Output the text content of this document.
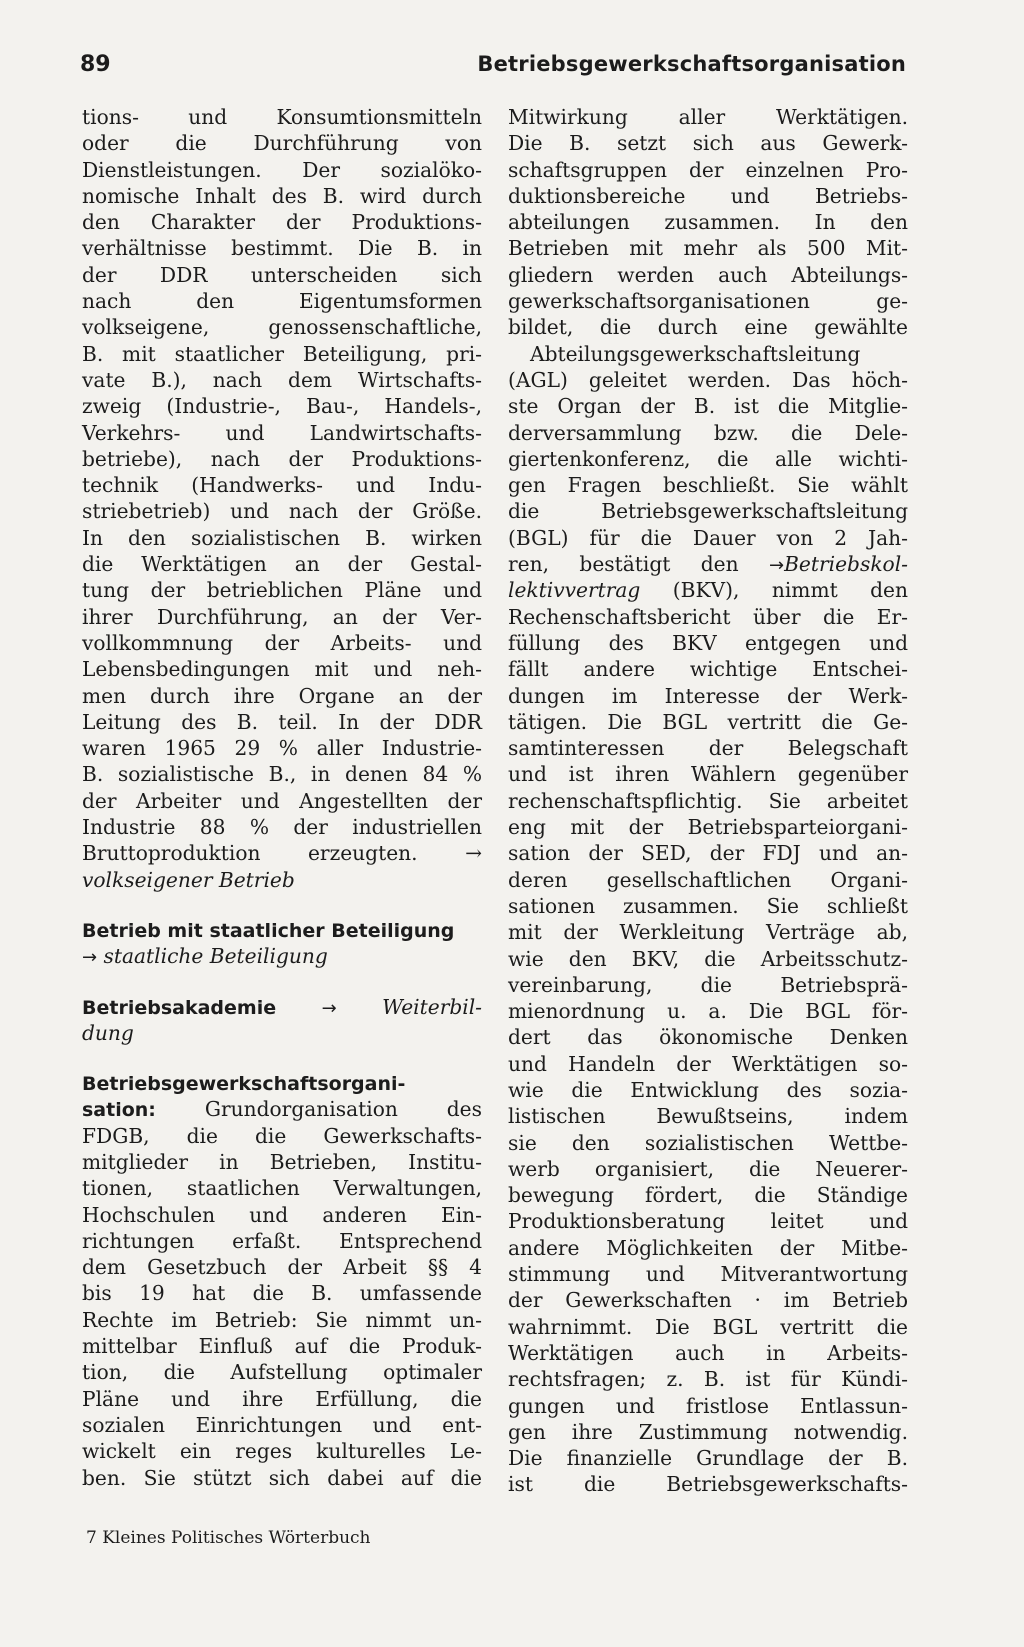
89	Betriebsgewerkschaftsorganisation
tions- und Konsumtionsmitteln
oder die Durchführung von
Dienstleistungen. Der sozialöko-
nomische Inhalt des B. wird durch
den Charakter der Produktions-
verhältnisse bestimmt. Die B. in
der DDR unterscheiden sich
nach den Eigentumsformen
volkseigene, genossenschaftliche,
B. mit staatlicher Beteiligung, pri-
vate B.), nach dem Wirtschafts-
zweig (Industrie-, Bau-, Handels-,
Verkehrs- und Landwirtschafts-
betriebe), nach der Produktions-
technik (Handwerks- und Indu-
striebetrieb) und nach der Größe.
In den sozialistischen B. wirken
die Werktätigen an der Gestal-
tung der betrieblichen Pläne und
ihrer Durchführung, an der Ver-
vollkommnung der Arbeits- und
Lebensbedingungen mit und neh-
men durch ihre Organe an der
Leitung des B. teil. In der DDR
waren 1965 29 % aller Industrie-
B. sozialistische B., in denen 84 %
der Arbeiter und Angestellten der
Industrie 88 % der industriellen
Bruttoproduktion erzeugten. →
volkseigener Betrieb
Betrieb mit staatlicher Beteiligung
→ staatliche Beteiligung
Betriebsakademie	→ Weiterbil-
dung
Betriebsgewerkschaftsorgani-
sation: Grundorganisation des
FDGB, die die Gewerkschafts-
mitglieder in Betrieben, Institu-
tionen, staatlichen Verwaltungen,
Hochschulen und anderen Ein-
richtungen erfaßt. Entsprechend
dem Gesetzbuch der Arbeit §§ 4
bis 19 hat die B. umfassende
Rechte im Betrieb: Sie nimmt un-
mittelbar Einfluß auf die Produk-
tion, die Aufstellung optimaler
Pläne und ihre Erfüllung, die
sozialen Einrichtungen und ent-
wickelt ein reges kulturelles Le-
ben. Sie stützt sich dabei auf die
Mitwirkung aller Werktätigen.
Die B. setzt sich aus Gewerk-
schaftsgruppen der einzelnen Pro-
duktionsbereiche und Betriebs-
abteilungen zusammen. In den
Betrieben mit mehr als 500 Mit-
gliedern werden auch Abteilungs-
gewerkschaftsorganisationen ge-
bildet, die durch eine gewählte
Abteilungsgewerkschaftsleitung
(AGL) geleitet werden. Das höch-
ste Organ der B. ist die Mitglie-
derversammlung bzw. die Dele-
giertenkonferenz, die alle wichti-
gen Fragen beschließt. Sie wählt
die Betriebsgewerkschaftsleitung
(BGL) für die Dauer von 2 Jah-
ren, bestätigt den →Betriebskol-
lektivvertrag (BKV), nimmt den
Rechenschaftsbericht über die Er-
füllung des BKV entgegen und
fällt andere wichtige Entschei-
dungen im Interesse der Werk-
tätigen. Die BGL vertritt die Ge-
samtinteressen der Belegschaft
und ist ihren Wählern gegenüber
rechenschaftspflichtig. Sie arbeitet
eng mit der Betriebsparteiorgani-
sation der SED, der FDJ und an-
deren gesellschaftlichen Organi-
sationen zusammen. Sie schließt
mit der Werkleitung Verträge ab,
wie den BKV, die Arbeitsschutz-
vereinbarung, die Betriebsprä-
mienordnung u. a. Die BGL för-
dert das ökonomische Denken
und Handeln der Werktätigen so-
wie die Entwicklung des sozia-
listischen Bewußtseins, indem
sie den sozialistischen Wettbe-
werb organisiert, die Neuerer-
bewegung fördert, die Ständige
Produktionsberatung leitet und
andere Möglichkeiten der Mitbe-
stimmung und Mitverantwortung
der Gewerkschaften · im Betrieb
wahrnimmt. Die BGL vertritt die
Werktätigen auch in Arbeits-
rechtsfragen; z. B. ist für Kündi-
gungen und fristlose Entlassun-
gen ihre Zustimmung notwendig.
Die finanzielle Grundlage der B.
ist die Betriebsgewerkschafts-
7 Kleines Politisches Wörterbuch
